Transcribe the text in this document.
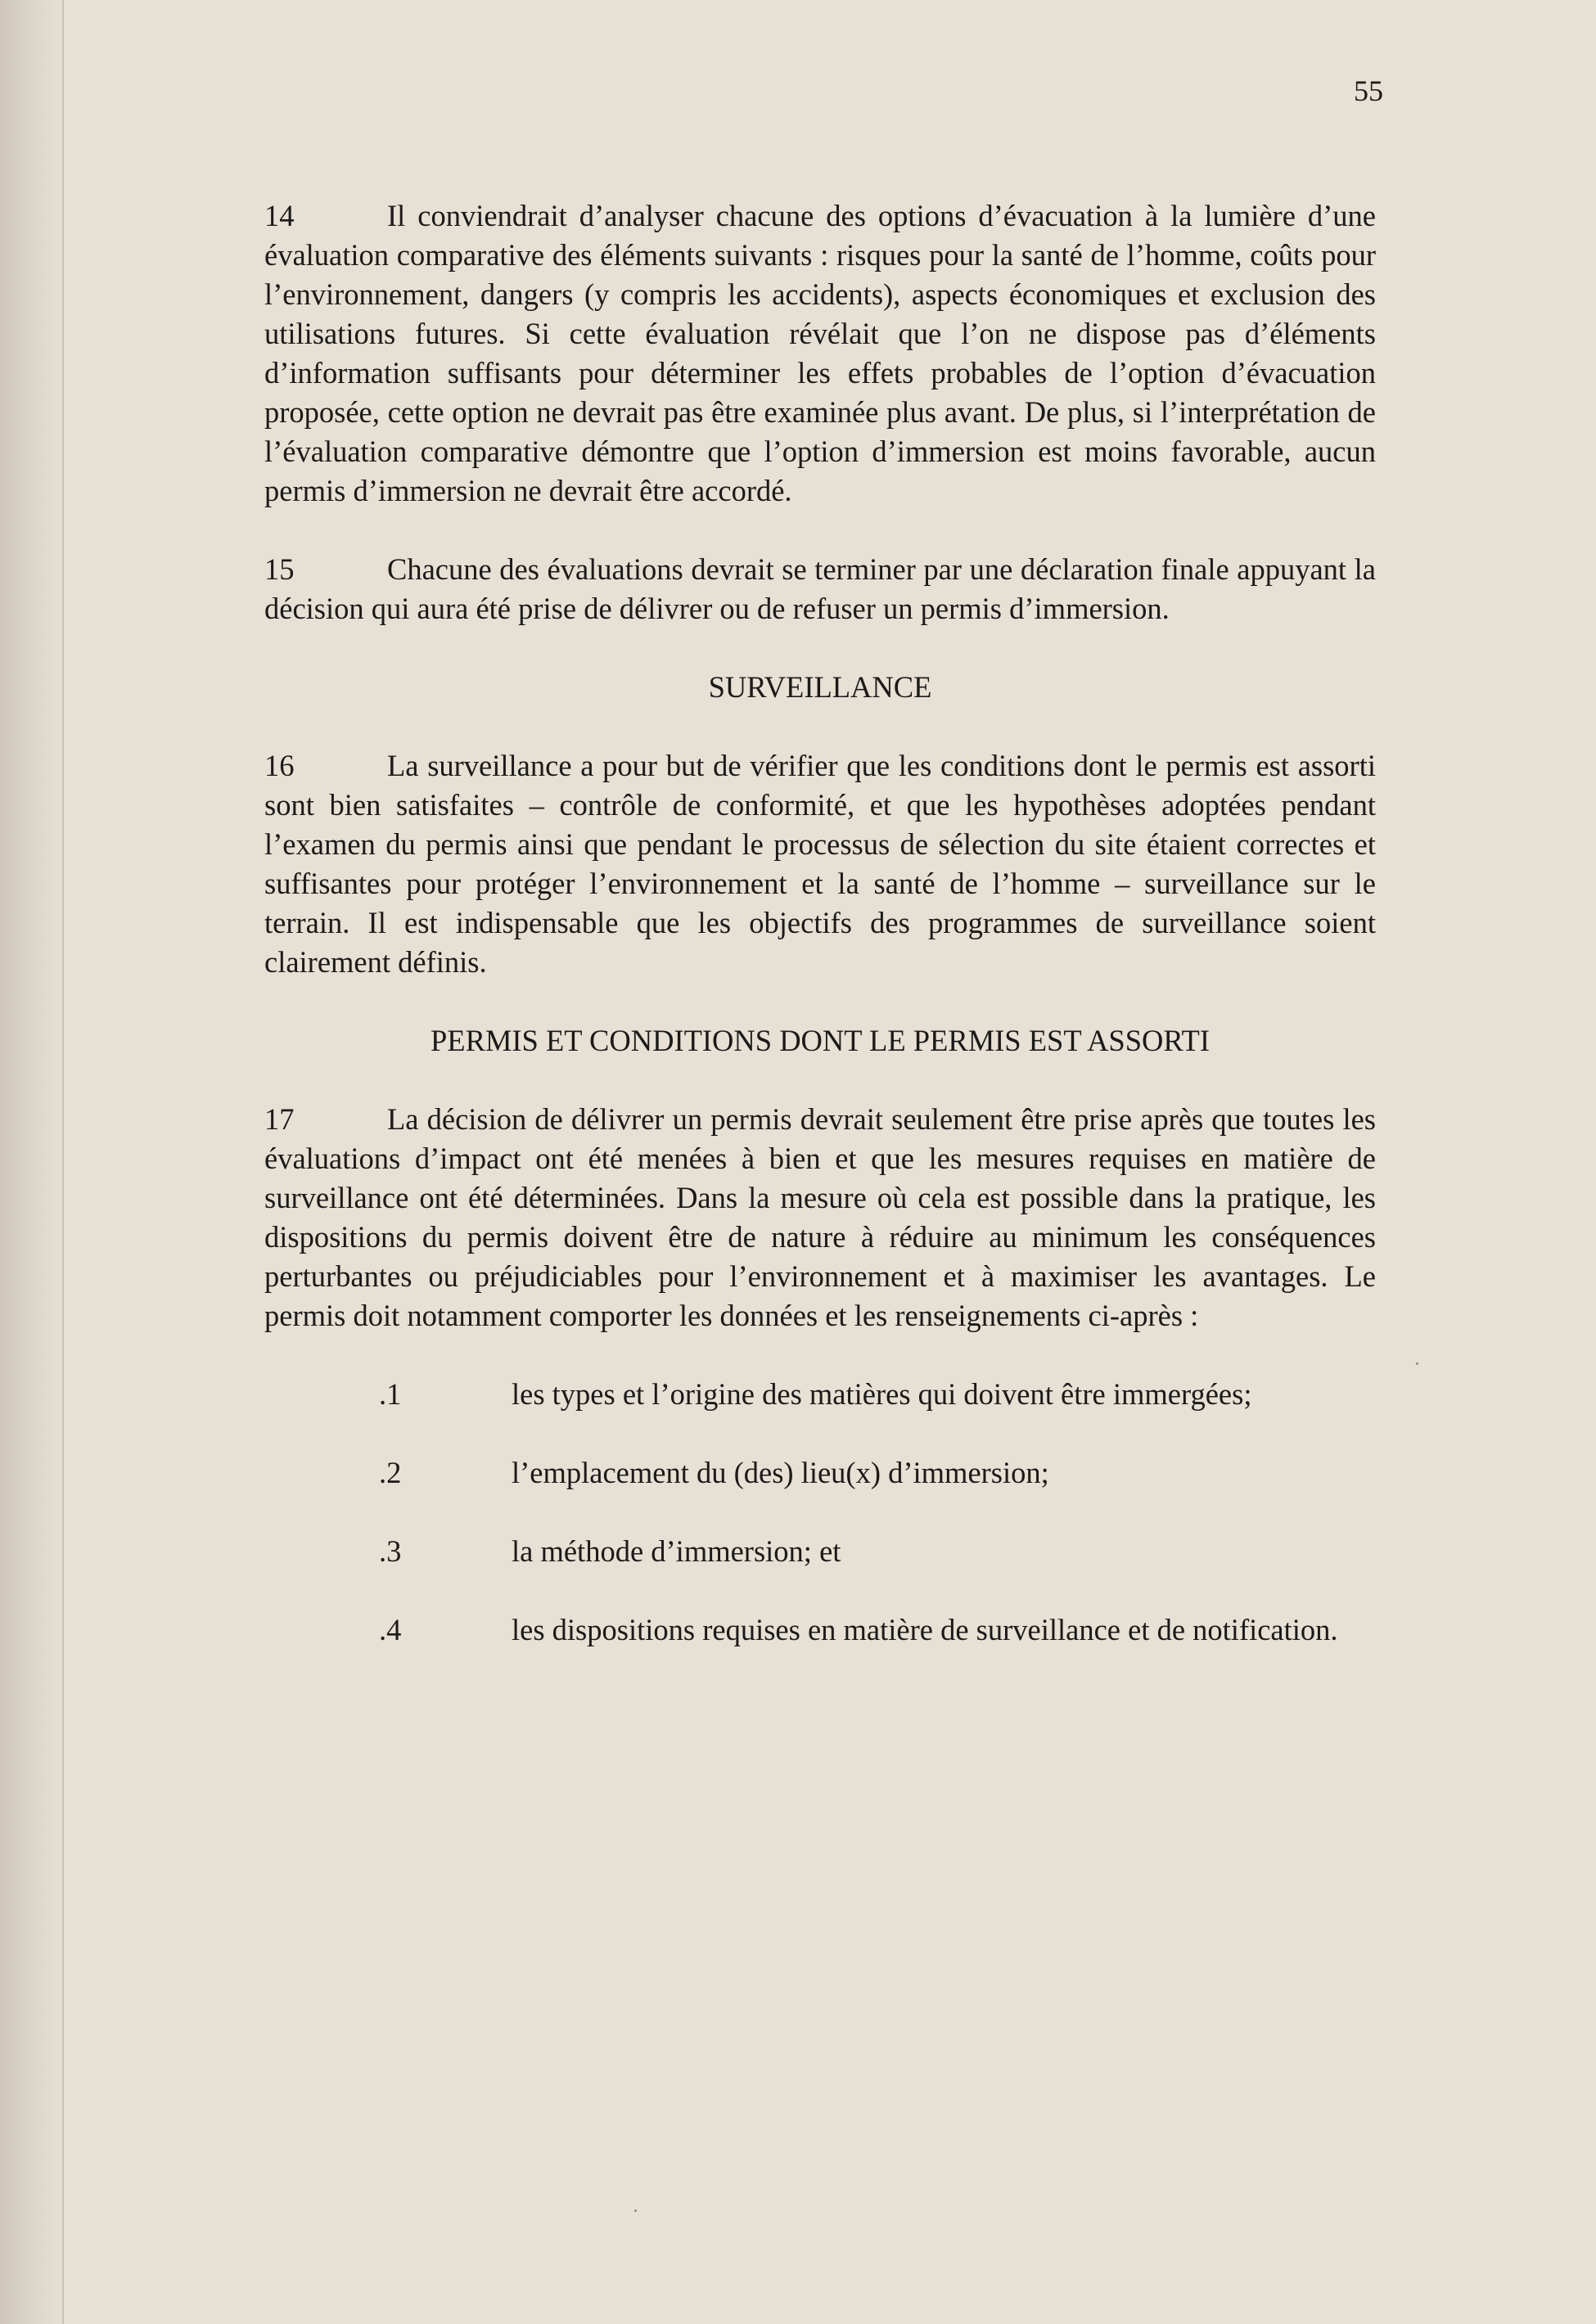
55

14	Il conviendrait d’analyser chacune des options d’évacuation à la lumière d’une évaluation comparative des éléments suivants : risques pour la santé de l’homme, coûts pour l’environnement, dangers (y compris les accidents), aspects économiques et exclusion des utilisations futures. Si cette évaluation révélait que l’on ne dispose pas d’éléments d’information suffisants pour déterminer les effets probables de l’option d’évacuation proposée, cette option ne devrait pas être examinée plus avant. De plus, si l’interprétation de l’évaluation comparative démontre que l’option d’immersion est moins favorable, aucun permis d’immersion ne devrait être accordé.

15	Chacune des évaluations devrait se terminer par une déclaration finale appuyant la décision qui aura été prise de délivrer ou de refuser un permis d’immersion.

SURVEILLANCE

16	La surveillance a pour but de vérifier que les conditions dont le permis est assorti sont bien satisfaites – contrôle de conformité, et que les hypothèses adoptées pendant l’examen du permis ainsi que pendant le processus de sélection du site étaient correctes et suffisantes pour protéger l’environnement et la santé de l’homme – surveillance sur le terrain. Il est indispensable que les objectifs des programmes de surveillance soient clairement définis.

PERMIS ET CONDITIONS DONT LE PERMIS EST ASSORTI

17	La décision de délivrer un permis devrait seulement être prise après que toutes les évaluations d’impact ont été menées à bien et que les mesures requises en matière de surveillance ont été déterminées. Dans la mesure où cela est possible dans la pratique, les dispositions du permis doivent être de nature à réduire au minimum les conséquences perturbantes ou préjudiciables pour l’environnement et à maximiser les avantages. Le permis doit notamment comporter les données et les renseignements ci-après :

.1	les types et l’origine des matières qui doivent être immergées;
.2	l’emplacement du (des) lieu(x) d’immersion;
.3	la méthode d’immersion; et
.4	les dispositions requises en matière de surveillance et de notification.
